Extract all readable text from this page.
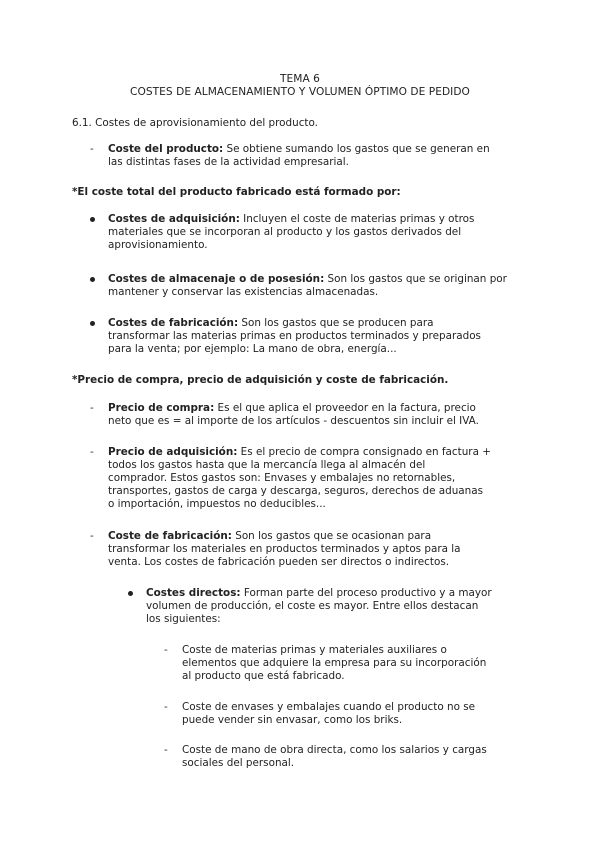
TEMA 6
COSTES DE ALMACENAMIENTO Y VOLUMEN ÓPTIMO DE PEDIDO
6.1. Costes de aprovisionamiento del producto.
- Coste del producto: Se obtiene sumando los gastos que se generan en
las distintas fases de la actividad empresarial.
*El coste total del producto fabricado está formado por:
Costes de adquisición: Incluyen el coste de materias primas y otros
materiales que se incorporan al producto y los gastos derivados del
aprovisionamiento.
Costes de almacenaje o de posesión: Son los gastos que se originan por
mantener y conservar las existencias almacenadas.
Costes de fabricación: Son los gastos que se producen para
transformar las materias primas en productos terminados y preparados
para la venta; por ejemplo: La mano de obra, energía...
*Precio de compra, precio de adquisición y coste de fabricación.
- Precio de compra: Es el que aplica el proveedor en la factura, precio
neto que es = al importe de los artículos - descuentos sin incluir el IVA.
- Precio de adquisición: Es el precio de compra consignado en factura +
todos los gastos hasta que la mercancía llega al almacén del
comprador. Estos gastos son: Envases y embalajes no retornables,
transportes, gastos de carga y descarga, seguros, derechos de aduanas
o importación, impuestos no deducibles...
- Coste de fabricación: Son los gastos que se ocasionan para
transformar los materiales en productos terminados y aptos para la
venta. Los costes de fabricación pueden ser directos o indirectos.
Costes directos: Forman parte del proceso productivo y a mayor
volumen de producción, el coste es mayor. Entre ellos destacan
los siguientes:
- Coste de materias primas y materiales auxiliares o
elementos que adquiere la empresa para su incorporación
al producto que está fabricado.
- Coste de envases y embalajes cuando el producto no se
puede vender sin envasar, como los briks.
- Coste de mano de obra directa, como los salarios y cargas
sociales del personal.
